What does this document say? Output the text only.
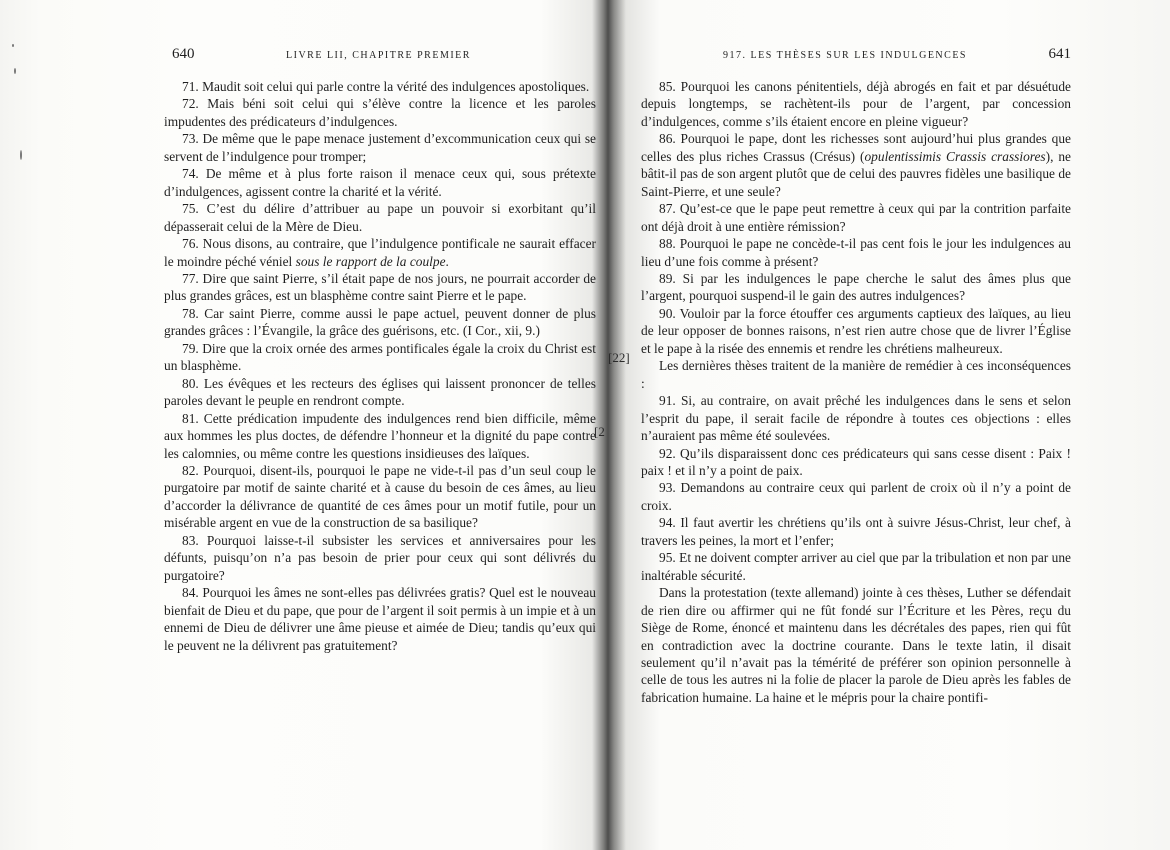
640	LIVRE LII, CHAPITRE PREMIER

71. Maudit soit celui qui parle contre la vérité des indulgences apostoliques.

72. Mais béni soit celui qui s’élève contre la licence et les paroles impudentes des prédicateurs d’indulgences.

73. De même que le pape menace justement d’excommunication ceux qui se servent de l’indulgence pour tromper;

74. De même et à plus forte raison il menace ceux qui, sous prétexte d’indulgences, agissent contre la charité et la vérité.

75. C’est du délire d’attribuer au pape un pouvoir si exorbitant qu’il dépasserait celui de la Mère de Dieu.

76. Nous disons, au contraire, que l’indulgence pontificale ne saurait effacer le moindre péché véniel sous le rapport de la coulpe.

77. Dire que saint Pierre, s’il était pape de nos jours, ne pourrait accorder de plus grandes grâces, est un blasphème contre saint Pierre et le pape.

78. Car saint Pierre, comme aussi le pape actuel, peuvent donner de plus grandes grâces : l’Évangile, la grâce des guérisons, etc. (I Cor., xii, 9.)

79. Dire que la croix ornée des armes pontificales égale la croix du Christ est un blasphème.

80. Les évêques et les recteurs des églises qui laissent prononcer de telles paroles devant le peuple en rendront compte.

81. Cette prédication impudente des indulgences rend bien difficile, même aux hommes les plus doctes, de défendre l’honneur et la dignité du pape contre les calomnies, ou même contre les questions insidieuses des laïques.

82. Pourquoi, disent-ils, pourquoi le pape ne vide-t-il pas d’un seul coup le purgatoire par motif de sainte charité et à cause du besoin de ces âmes, au lieu d’accorder la délivrance de quantité de ces âmes pour un motif futile, pour un misérable argent en vue de la construction de sa basilique?

83. Pourquoi laisse-t-il subsister les services et anniversaires pour les défunts, puisqu’on n’a pas besoin de prier pour ceux qui sont délivrés du purgatoire?

84. Pourquoi les âmes ne sont-elles pas délivrées gratis? Quel est le nouveau bienfait de Dieu et du pape, que pour de l’argent il soit permis à un impie et à un ennemi de Dieu de délivrer une âme pieuse et aimée de Dieu; tandis qu’eux qui le peuvent ne la délivrent pas gratuitement?

917. LES THÈSES SUR LES INDULGENCES	641

85. Pourquoi les canons pénitentiels, déjà abrogés en fait et par désuétude depuis longtemps, se rachètent-ils pour de l’argent, par concession d’indulgences, comme s’ils étaient encore en pleine vigueur?

86. Pourquoi le pape, dont les richesses sont aujourd’hui plus grandes que celles des plus riches Crassus (Crésus) (opulentissimis Crassis crassiores), ne bâtit-il pas de son argent plutôt que de celui des pauvres fidèles une basilique de Saint-Pierre, et une seule?

87. Qu’est-ce que le pape peut remettre à ceux qui par la contrition parfaite ont déjà droit à une entière rémission?

88. Pourquoi le pape ne concède-t-il pas cent fois le jour les indulgences au lieu d’une fois comme à présent?

89. Si par les indulgences le pape cherche le salut des âmes plus que l’argent, pourquoi suspend-il le gain des autres indulgences?

90. Vouloir par la force étouffer ces arguments captieux des laïques, au lieu de leur opposer de bonnes raisons, n’est rien autre chose que de livrer l’Église et le pape à la risée des ennemis et rendre les chrétiens malheureux.

Les dernières thèses traitent de la manière de remédier à ces inconséquences :

91. Si, au contraire, on avait prêché les indulgences dans le sens et selon l’esprit du pape, il serait facile de répondre à toutes ces objections : elles n’auraient pas même été soulevées.

92. Qu’ils disparaissent donc ces prédicateurs qui sans cesse disent : Paix ! paix ! et il n’y a point de paix.

93. Demandons au contraire ceux qui parlent de croix où il n’y a point de croix.

94. Il faut avertir les chrétiens qu’ils ont à suivre Jésus-Christ, leur chef, à travers les peines, la mort et l’enfer;

95. Et ne doivent compter arriver au ciel que par la tribulation et non par une inaltérable sécurité.

Dans la protestation (texte allemand) jointe à ces thèses, Luther se défendait de rien dire ou affirmer qui ne fût fondé sur l’Écriture et les Pères, reçu du Siège de Rome, énoncé et maintenu dans les décrétales des papes, rien qui fût en contradiction avec la doctrine courante. Dans le texte latin, il disait seulement qu’il n’avait pas la témérité de préférer son opinion personnelle à celle de tous les autres ni la folie de placer la parole de Dieu après les fables de fabrication humaine. La haine et le mépris pour la chaire pontifi-

[22]
[2
